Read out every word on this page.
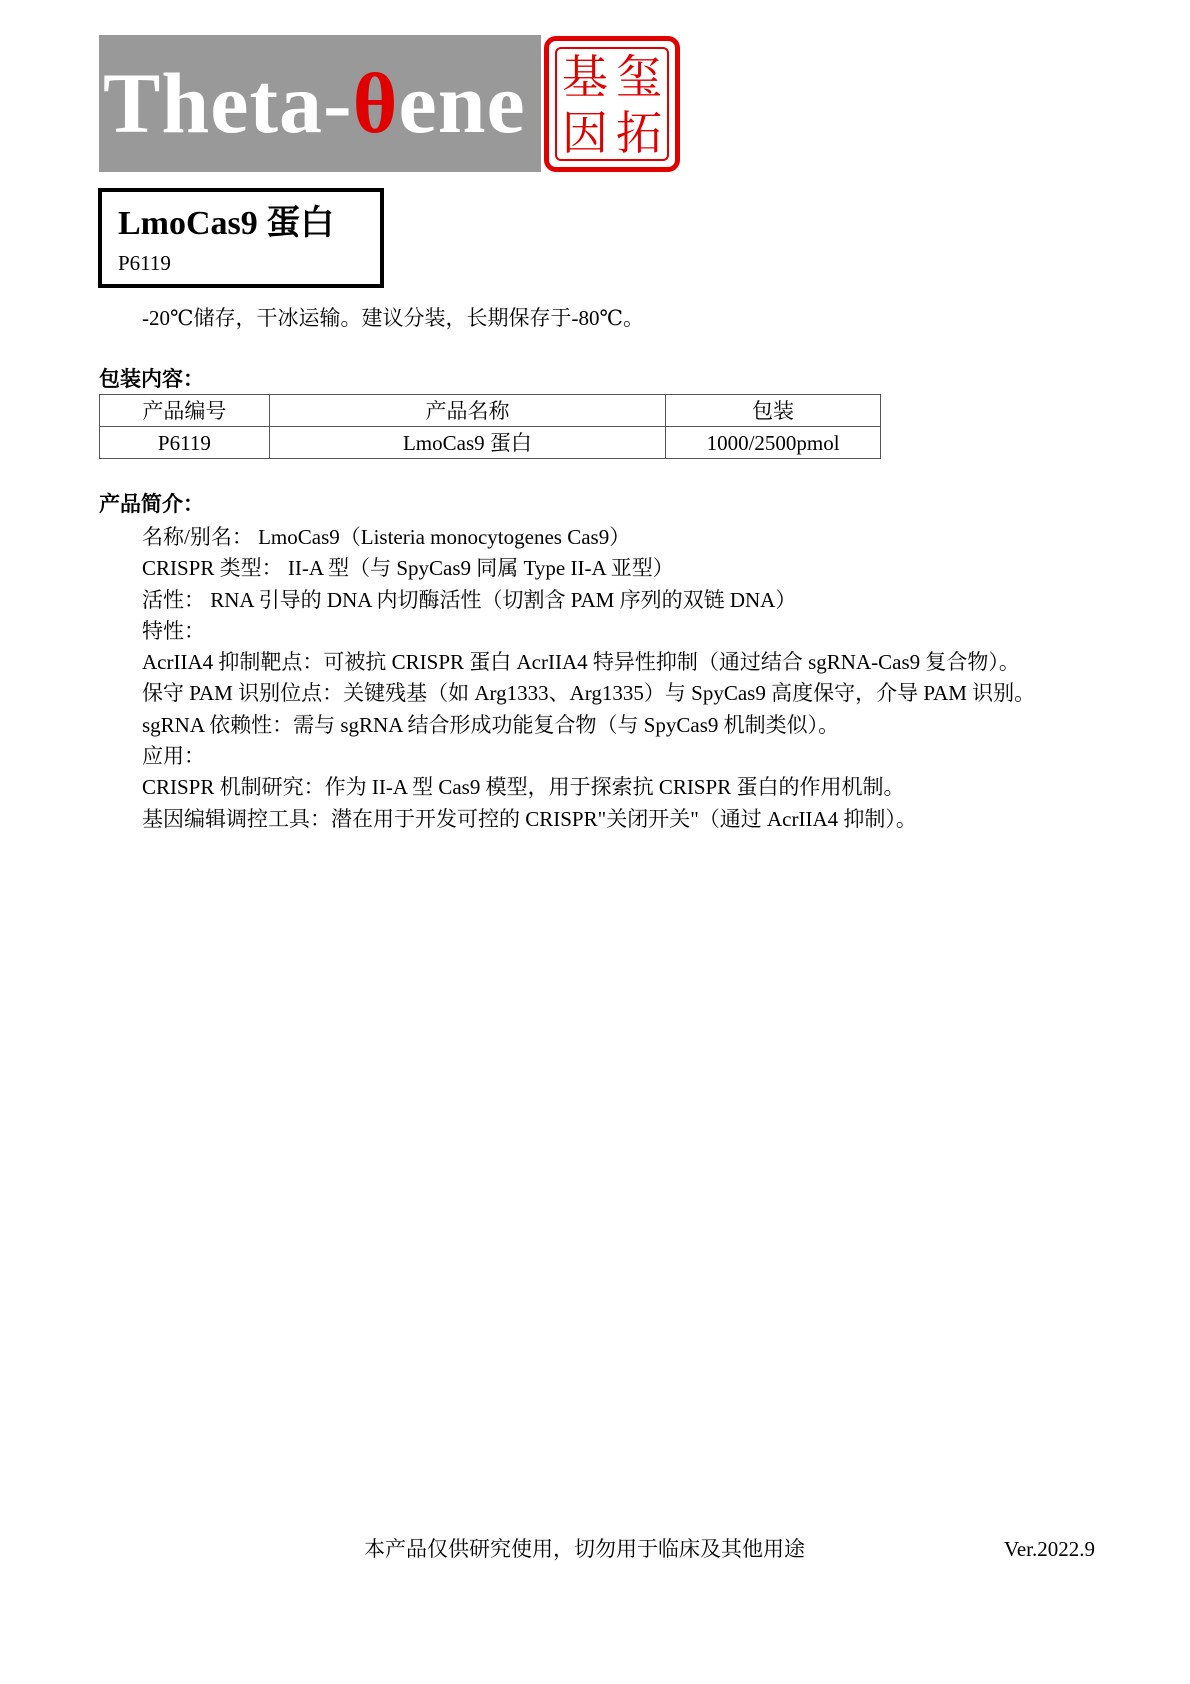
Theta-θene 基 玺
因 拓
LmoCas9 蛋白
P6119
-20℃储存，干冰运输。建议分装，长期保存于-80℃。
包装内容：
产品编号	产品名称	包装
P6119	LmoCas9 蛋白	1000/2500pmol
产品简介：

名称/别名： LmoCas9（Listeria monocytogenes Cas9）

CRISPR 类型： II-A 型（与 SpyCas9 同属 Type II-A 亚型）

活性： RNA 引导的 DNA 内切酶活性（切割含 PAM 序列的双链 DNA）

特性：

AcrIIA4 抑制靶点：可被抗 CRISPR 蛋白 AcrIIA4 特异性抑制（通过结合 sgRNA-Cas9 复合物）。

保守 PAM 识别位点：关键残基（如 Arg1333、Arg1335）与 SpyCas9 高度保守，介导 PAM 识别。

sgRNA 依赖性：需与 sgRNA 结合形成功能复合物（与 SpyCas9 机制类似）。

应用：

CRISPR 机制研究：作为 II-A 型 Cas9 模型，用于探索抗 CRISPR 蛋白的作用机制。

基因编辑调控工具：潜在用于开发可控的 CRISPR"关闭开关"（通过 AcrIIA4 抑制）。

本产品仅供研究使用，切勿用于临床及其他用途	Ver.2022.9
